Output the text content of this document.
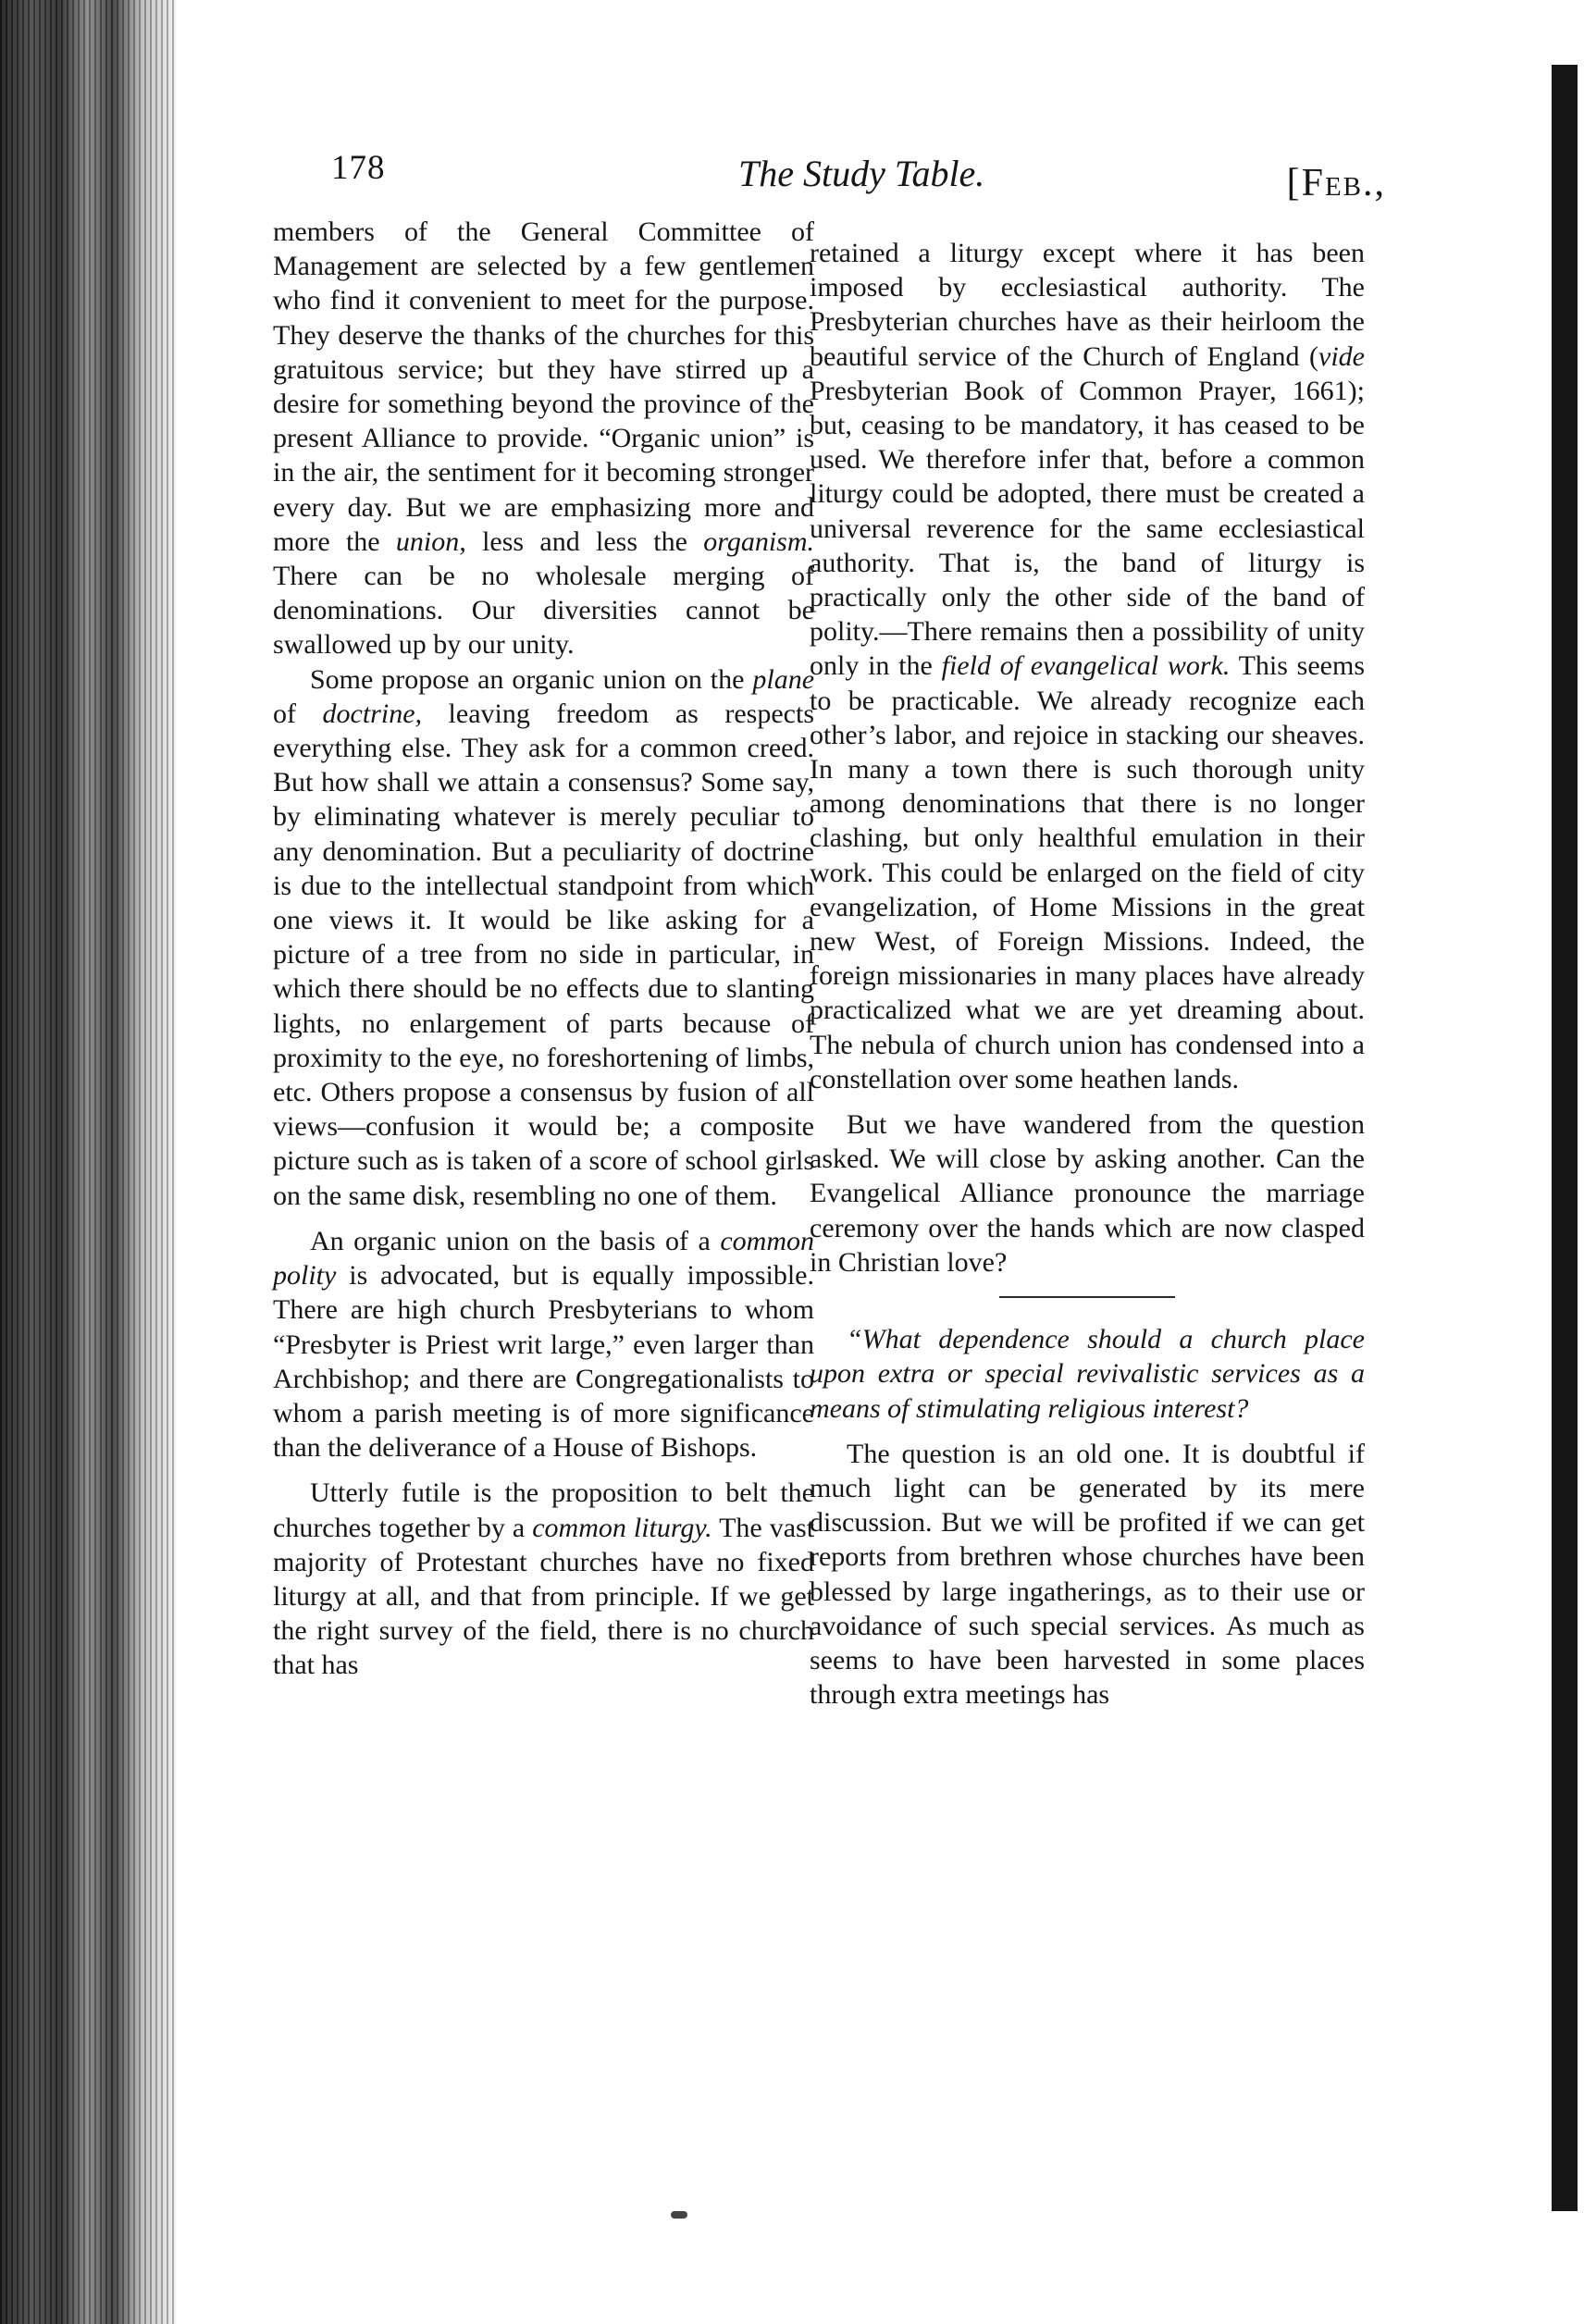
178	The Study Table.	[Feb.,

members of the General Committee of Management are selected by a few gentlemen who find it convenient to meet for the purpose. They deserve the thanks of the churches for this gratuitous service; but they have stirred up a desire for something beyond the province of the present Alliance to provide. “Organic union” is in the air, the sentiment for it becoming stronger every day. But we are emphasizing more and more the union, less and less the organism. There can be no wholesale merging of denominations. Our diversities cannot be swallowed up by our unity.

Some propose an organic union on the plane of doctrine, leaving freedom as respects everything else. They ask for a common creed. But how shall we attain a consensus? Some say, by eliminating whatever is merely peculiar to any denomination. But a peculiarity of doctrine is due to the intellectual standpoint from which one views it. It would be like asking for a picture of a tree from no side in particular, in which there should be no effects due to slanting lights, no enlargement of parts because of proximity to the eye, no foreshortening of limbs, etc. Others propose a consensus by fusion of all views—confusion it would be; a composite picture such as is taken of a score of school girls on the same disk, resembling no one of them.

An organic union on the basis of a common polity is advocated, but is equally impossible. There are high church Presbyterians to whom “Presbyter is Priest writ large,” even larger than Archbishop; and there are Congregationalists to whom a parish meeting is of more significance than the deliverance of a House of Bishops.

Utterly futile is the proposition to belt the churches together by a common liturgy. The vast majority of Protestant churches have no fixed liturgy at all, and that from principle. If we get the right survey of the field, there is no church that has

retained a liturgy except where it has been imposed by ecclesiastical authority. The Presbyterian churches have as their heirloom the beautiful service of the Church of England (vide Presbyterian Book of Common Prayer, 1661); but, ceasing to be mandatory, it has ceased to be used. We therefore infer that, before a common liturgy could be adopted, there must be created a universal reverence for the same ecclesiastical authority. That is, the band of liturgy is practically only the other side of the band of polity.—There remains then a possibility of unity only in the field of evangelical work. This seems to be practicable. We already recognize each other’s labor, and rejoice in stacking our sheaves. In many a town there is such thorough unity among denominations that there is no longer clashing, but only healthful emulation in their work. This could be enlarged on the field of city evangelization, of Home Missions in the great new West, of Foreign Missions. Indeed, the foreign missionaries in many places have already practicalized what we are yet dreaming about. The nebula of church union has condensed into a constellation over some heathen lands.

But we have wandered from the question asked. We will close by asking another. Can the Evangelical Alliance pronounce the marriage ceremony over the hands which are now clasped in Christian love?

“What dependence should a church place upon extra or special revivalistic services as a means of stimulating religious interest?

The question is an old one. It is doubtful if much light can be generated by its mere discussion. But we will be profited if we can get reports from brethren whose churches have been blessed by large ingatherings, as to their use or avoidance of such special services. As much as seems to have been harvested in some places through extra meetings has
